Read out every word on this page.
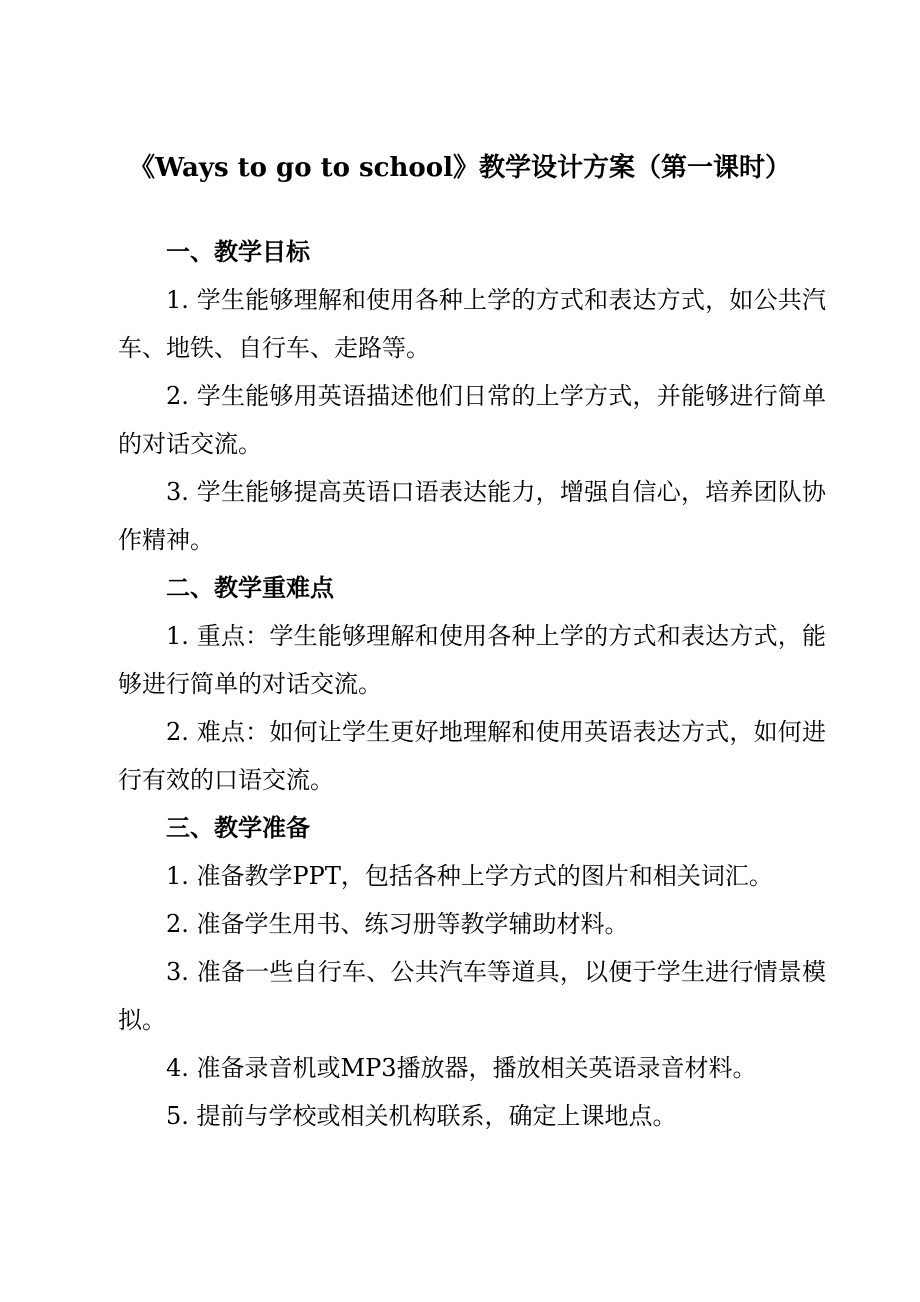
《Ways to go to school》教学设计方案（第一课时）
一、教学目标
1. 学生能够理解和使用各种上学的方式和表达方式，如公共汽车、地铁、自行车、走路等。
2. 学生能够用英语描述他们日常的上学方式，并能够进行简单的对话交流。
3. 学生能够提高英语口语表达能力，增强自信心，培养团队协作精神。
二、教学重难点
1. 重点：学生能够理解和使用各种上学的方式和表达方式，能够进行简单的对话交流。
2. 难点：如何让学生更好地理解和使用英语表达方式，如何进行有效的口语交流。
三、教学准备
1. 准备教学PPT，包括各种上学方式的图片和相关词汇。
2. 准备学生用书、练习册等教学辅助材料。
3. 准备一些自行车、公共汽车等道具，以便于学生进行情景模拟。
4. 准备录音机或MP3播放器，播放相关英语录音材料。
5. 提前与学校或相关机构联系，确定上课地点。
